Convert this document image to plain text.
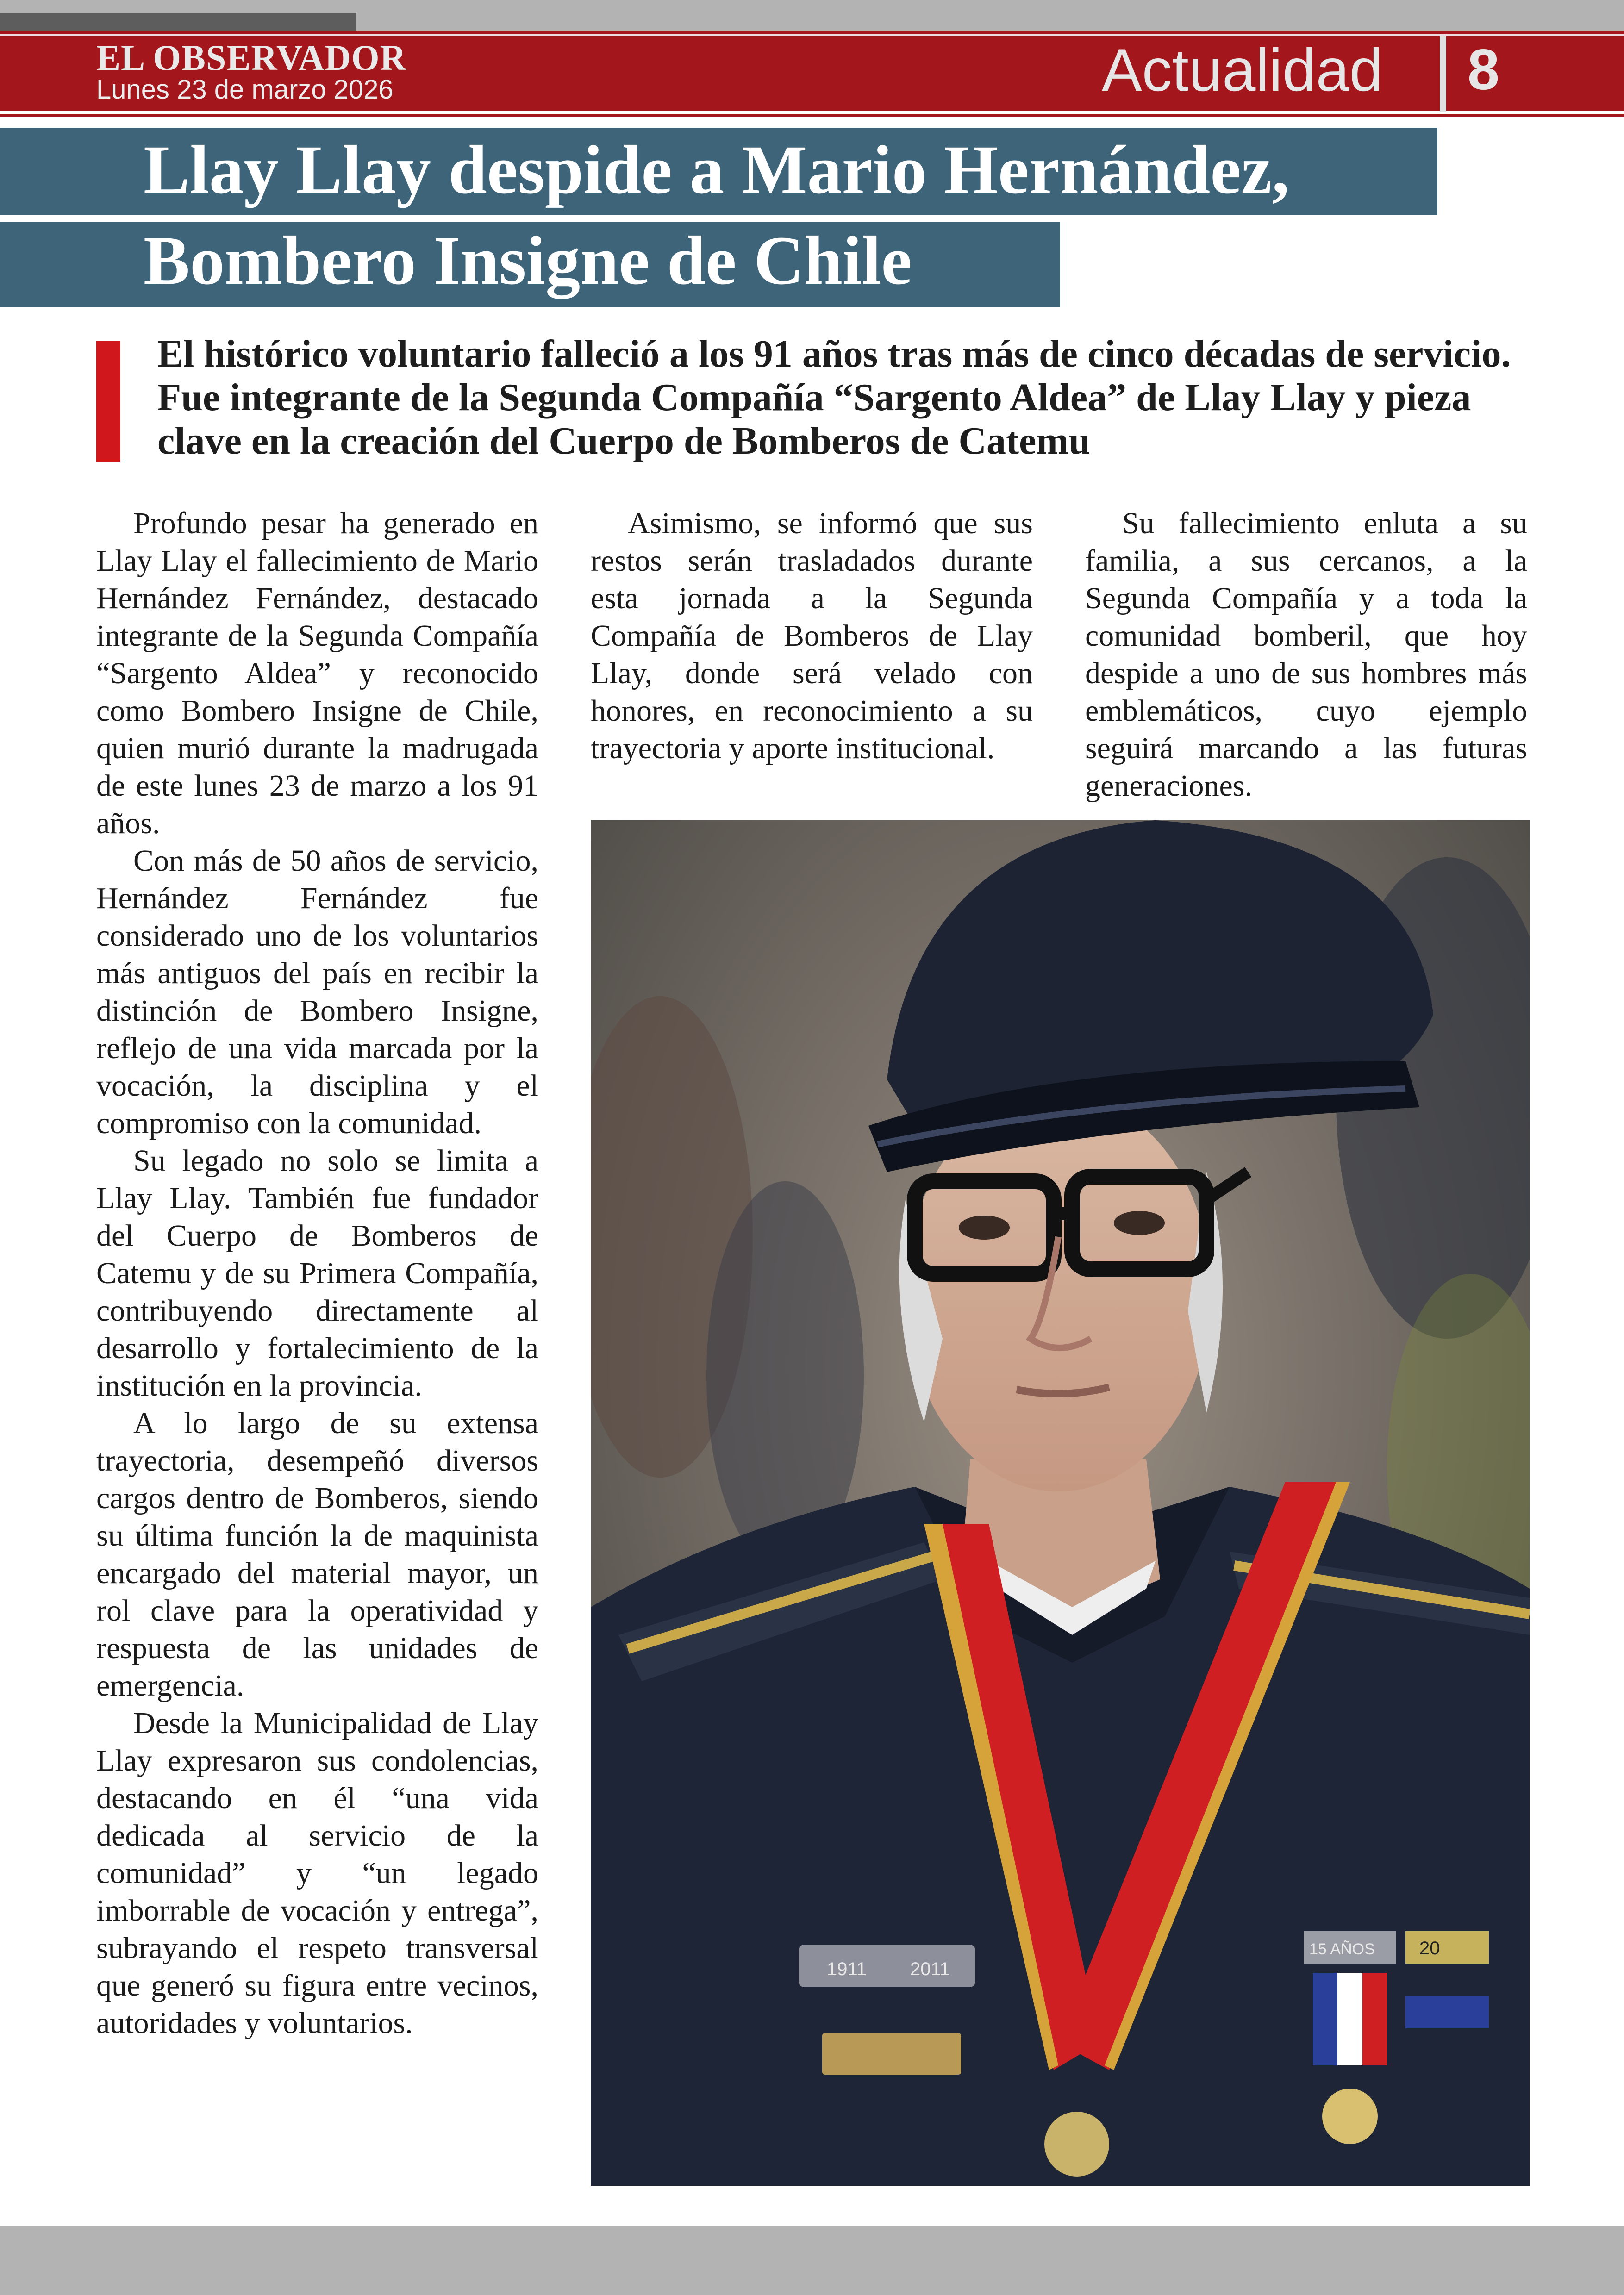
EL OBSERVADOR
Lunes 23 de marzo 2026	Actualidad 8
Llay Llay despide a Mario Hernández,
Bombero Insigne de Chile

El histórico voluntario falleció a los 91 años tras más de cinco décadas de servicio. Fue integrante de la Segunda Compañía “Sargento Aldea” de Llay Llay y pieza clave en la creación del Cuerpo de Bomberos de Catemu

Profundo pesar ha generado en Llay Llay el fallecimiento de Mario Hernández Fernández, destacado integrante de la Segunda Compañía “Sargento Aldea” y reconocido como Bombero Insigne de Chile, quien murió durante la madrugada de este lunes 23 de marzo a los 91 años.

Con más de 50 años de servicio, Hernández Fernández fue considerado uno de los voluntarios más antiguos del país en recibir la distinción de Bombero Insigne, reflejo de una vida marcada por la vocación, la disciplina y el compromiso con la comunidad.

Su legado no solo se limita a Llay Llay. También fue fundador del Cuerpo de Bomberos de Catemu y de su Primera Compañía, contribuyendo directamente al desarrollo y fortalecimiento de la institución en la provincia.

A lo largo de su extensa trayectoria, desempeñó diversos cargos dentro de Bomberos, siendo su última función la de maquinista encargado del material mayor, un rol clave para la operatividad y respuesta de las unidades de emergencia.

Desde la Municipalidad de Llay Llay expresaron sus condolencias, destacando en él “una vida dedicada al servicio de la comunidad” y “un legado imborrable de vocación y entrega”, subrayando el respeto transversal que generó su figura entre vecinos, autoridades y voluntarios.

Asimismo, se informó que sus restos serán trasladados durante esta jornada a la Segunda Compañía de Bomberos de Llay Llay, donde será velado con honores, en reconocimiento a su trayectoria y aporte institucional.

Su fallecimiento enluta a su familia, a sus cercanos, a la Segunda Compañía y a toda la comunidad bomberil, que hoy despide a uno de sus hombres más emblemáticos, cuyo ejemplo seguirá marcando a las futuras generaciones.

1911 2011
15 AÑOS 20
